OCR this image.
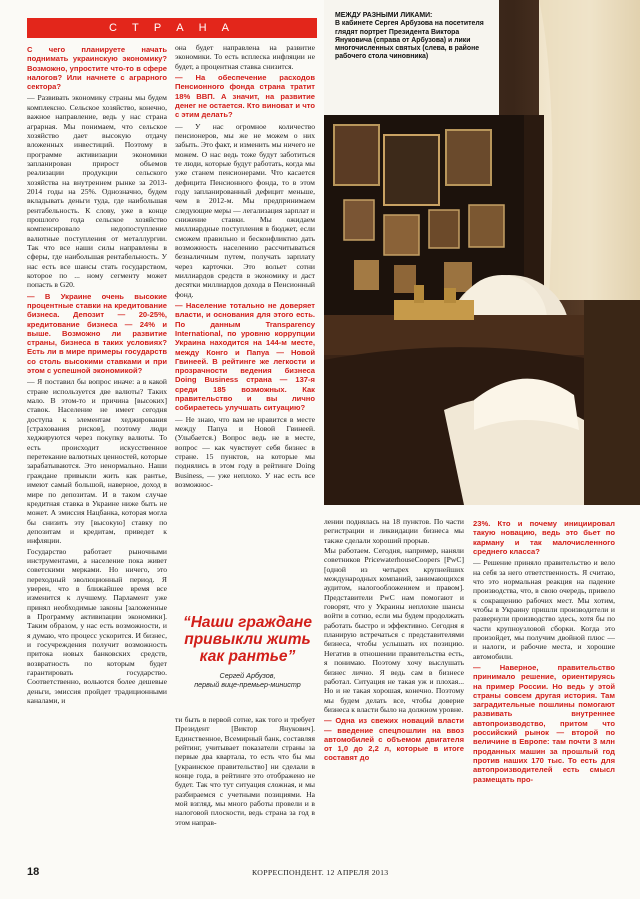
С Т Р А Н А

С чего планируете начать поднимать украинскую экономику? Возможно, упростите что-то в сфере налогов? Или начнете с аграрного сектора?

— Развивать экономику страны мы будем комплексно. Сельское хозяйство, конечно, важное направление, ведь у нас страна аграрная. Мы понимаем, что сельское хозяйство дает высокую отдачу вложенных инвестиций. Поэтому в программе активизации экономики запланирован прирост объемов реализации продукции сельского хозяйства на внутреннем рынке за 2013-2014 годы на 25%. Однозначно, будем вкладывать деньги туда, где наибольшая рентабельность. К слову, уже в конце прошлого года сельское хозяйство компенсировало недопоступление валютные поступления от металлургии. Так что все наши силы направлены в сферы, где наибольшая рентабельность. У нас есть все шансы стать государством, которое по ... ному сегменту может попасть в G20.

— В Украине очень высокие процентные ставки на кредитование бизнеса. Депозит — 20-25%, кредитование бизнеса — 24% и выше. Возможно ли развитие страны, бизнеса в таких условиях? Есть ли в мире примеры государств со столь высокими ставками и при этом с успешной экономикой?

— Я поставил бы вопрос иначе: а в какой стране используется две валюты? Таких мало. В этом-то и причина [высоких] ставок. Население не имеет сегодня доступа к элементам хеджирования [страхования рисков], поэтому люди хеджируются через покупку валюты. То есть происходит искусственное перетекание валютных ценностей, которые зарабатываются. Это ненормально. Наши граждане привыкли жить как рантье, имеют самый большой, наверное, доход в мире по депозитам. И в таком случае кредитная ставка в Украине ниже быть не может. А эмиссия Нацбанка, которая могла бы снизить эту [высокую] ставку по депозитам и кредитам, приведет к инфляции.

Государство работает рыночными инструментами, а население пока живет советскими мерками. Но ничего, это переходный эволюционный период. Я уверен, что в ближайшее время все изменится к лучшему. Парламент уже принял необходимые законы [заложенные в Программу активизации экономики]. Таким образом, у нас есть возможности, и я думаю, что процесс ускорится. И бизнес, и госучреждения получит возможность притока новых банковских средств, возвратность по которым будет гарантировать государство. Соответственно, вольются более дешевые деньги, эмиссия пройдет традиционными каналами, и

она будет направлена на развитие экономики. То есть всплеска инфляции не будет, а процентная ставка снизится.

— На обеспечение расходов Пенсионного фонда страна тратит 18% ВВП. А значит, на развитие денег не остается. Кто виноват и что с этим делать?

— У нас огромное количество пенсионеров, мы же не можем о них забыть. Это факт, и изменить мы ничего не можем. О нас ведь тоже будут заботиться те люди, которые будут работать, когда мы уже станем пенсионерами. Что касается дефицита Пенсионного фонда, то в этом году запланированный дефицит меньше, чем в 2012-м. Мы предпринимаем следующие меры — легализация зарплат и снижение ставки. Мы ожидаем миллиардные поступления в бюджет, если сможем правильно и бесконфликтно дать возможность населению рассчитываться безналичным путем, получать зарплату через карточки. Это вольет сотни миллиардов средств в экономику и даст десятки миллиардов дохода в Пенсионный фонд.

— Население тотально не доверяет власти, и основания для этого есть. По данным Transparency International, по уровню коррупции Украина находится на 144-м месте, между Конго и Папуа — Новой Гвинеей. В рейтинге же легкости и прозрачности ведения бизнеса Doing Business страна — 137-я среди 185 возможных. Как правительство и вы лично собираетесь улучшать ситуацию?

— Не знаю, что вам не нравится в месте между Папуа и Новой Гвинеей. (Улыбается.) Вопрос ведь не в месте, вопрос — как чувствует себя бизнес в стране. 15 пунктов, на которые мы поднялись в этом году в рейтинге Doing Business, — уже неплохо. У нас есть все возможнос-

МЕЖДУ РАЗНЫМИ ЛИКАМИ:
В кабинете Сергея Арбузова на посетителя глядят портрет Президента Виктора Януковича (справа от Арбузова) и лики многочисленных святых (слева, в районе рабочего стола чиновника)
“Наши граждане привыкли жить как рантье”
Сергей Арбузов,
первый вице-премьер-министр

ти быть в первой сотне, как того и требует Президент [Виктор Янукович]. Единственное, Всемирный банк, составляя рейтинг, учитывает показатели страны за первые два квартала, то есть что бы мы [украинское правительство] ни сделали в конце года, в рейтинге это отображено не будет. Так что тут ситуация сложная, и мы разбираемся с учетными позициями. На мой взгляд, мы много работы провели и в налоговой плоскости, ведь страна за год в этом направ-

лении поднялась на 18 пунктов. По части регистрации и ликвидации бизнеса мы также сделали хороший прорыв.

Мы работаем. Сегодня, например, наняли советников PricewaterhouseCoopers [PwC] [одной из четырех крупнейших международных компаний, занимающихся аудитом, налогообложением и правом]. Представители PwC нам помогают и говорят, что у Украины неплохие шансы войти в сотню, если мы будем продолжать работать быстро и эффективно. Сегодня я планирую встречаться с представителями бизнеса, чтобы услышать их позицию. Негатив в отношении правительства есть, я понимаю. Поэтому хочу выслушать бизнес лично. Я ведь сам в бизнесе работал. Ситуация не такая уж и плохая... Но и не такая хорошая, конечно. Поэтому мы будем делать все, чтобы доверие бизнеса к власти было на должном уровне.

— Одна из свежих новаций власти — введение спецпошлин на ввоз автомобилей с объемом двигателя от 1,0 до 2,2 л, которые в итоге составят до

23%. Кто и почему инициировал такую новацию, ведь это бьет по карману и так малочисленного среднего класса?

— Решение приняло правительство и вело на себя за него ответственность. Я считаю, что это нормальная реакция на падение производства, что, в свою очередь, привело к сокращению рабочих мест. Мы хотим, чтобы в Украину пришли производители и развернули производство здесь, хотя бы по части крупноузловой сборки. Когда это произойдет, мы получим двойной плюс — и налоги, и рабочие места, и хорошие автомобили.

— Наверное, правительство принимало решение, ориентируясь на пример России. Но ведь у этой страны совсем другая история. Там заградительные пошлины помогают развивать внутреннее автопроизводство, притом что российский рынок — второй по величине в Европе: там почти 3 млн проданных машин за прошлый год против наших 170 тыс. То есть для автопроизводителей есть смысл размещать про-

18	КОРРЕСПОНДЕНТ. 12 АПРЕЛЯ 2013
